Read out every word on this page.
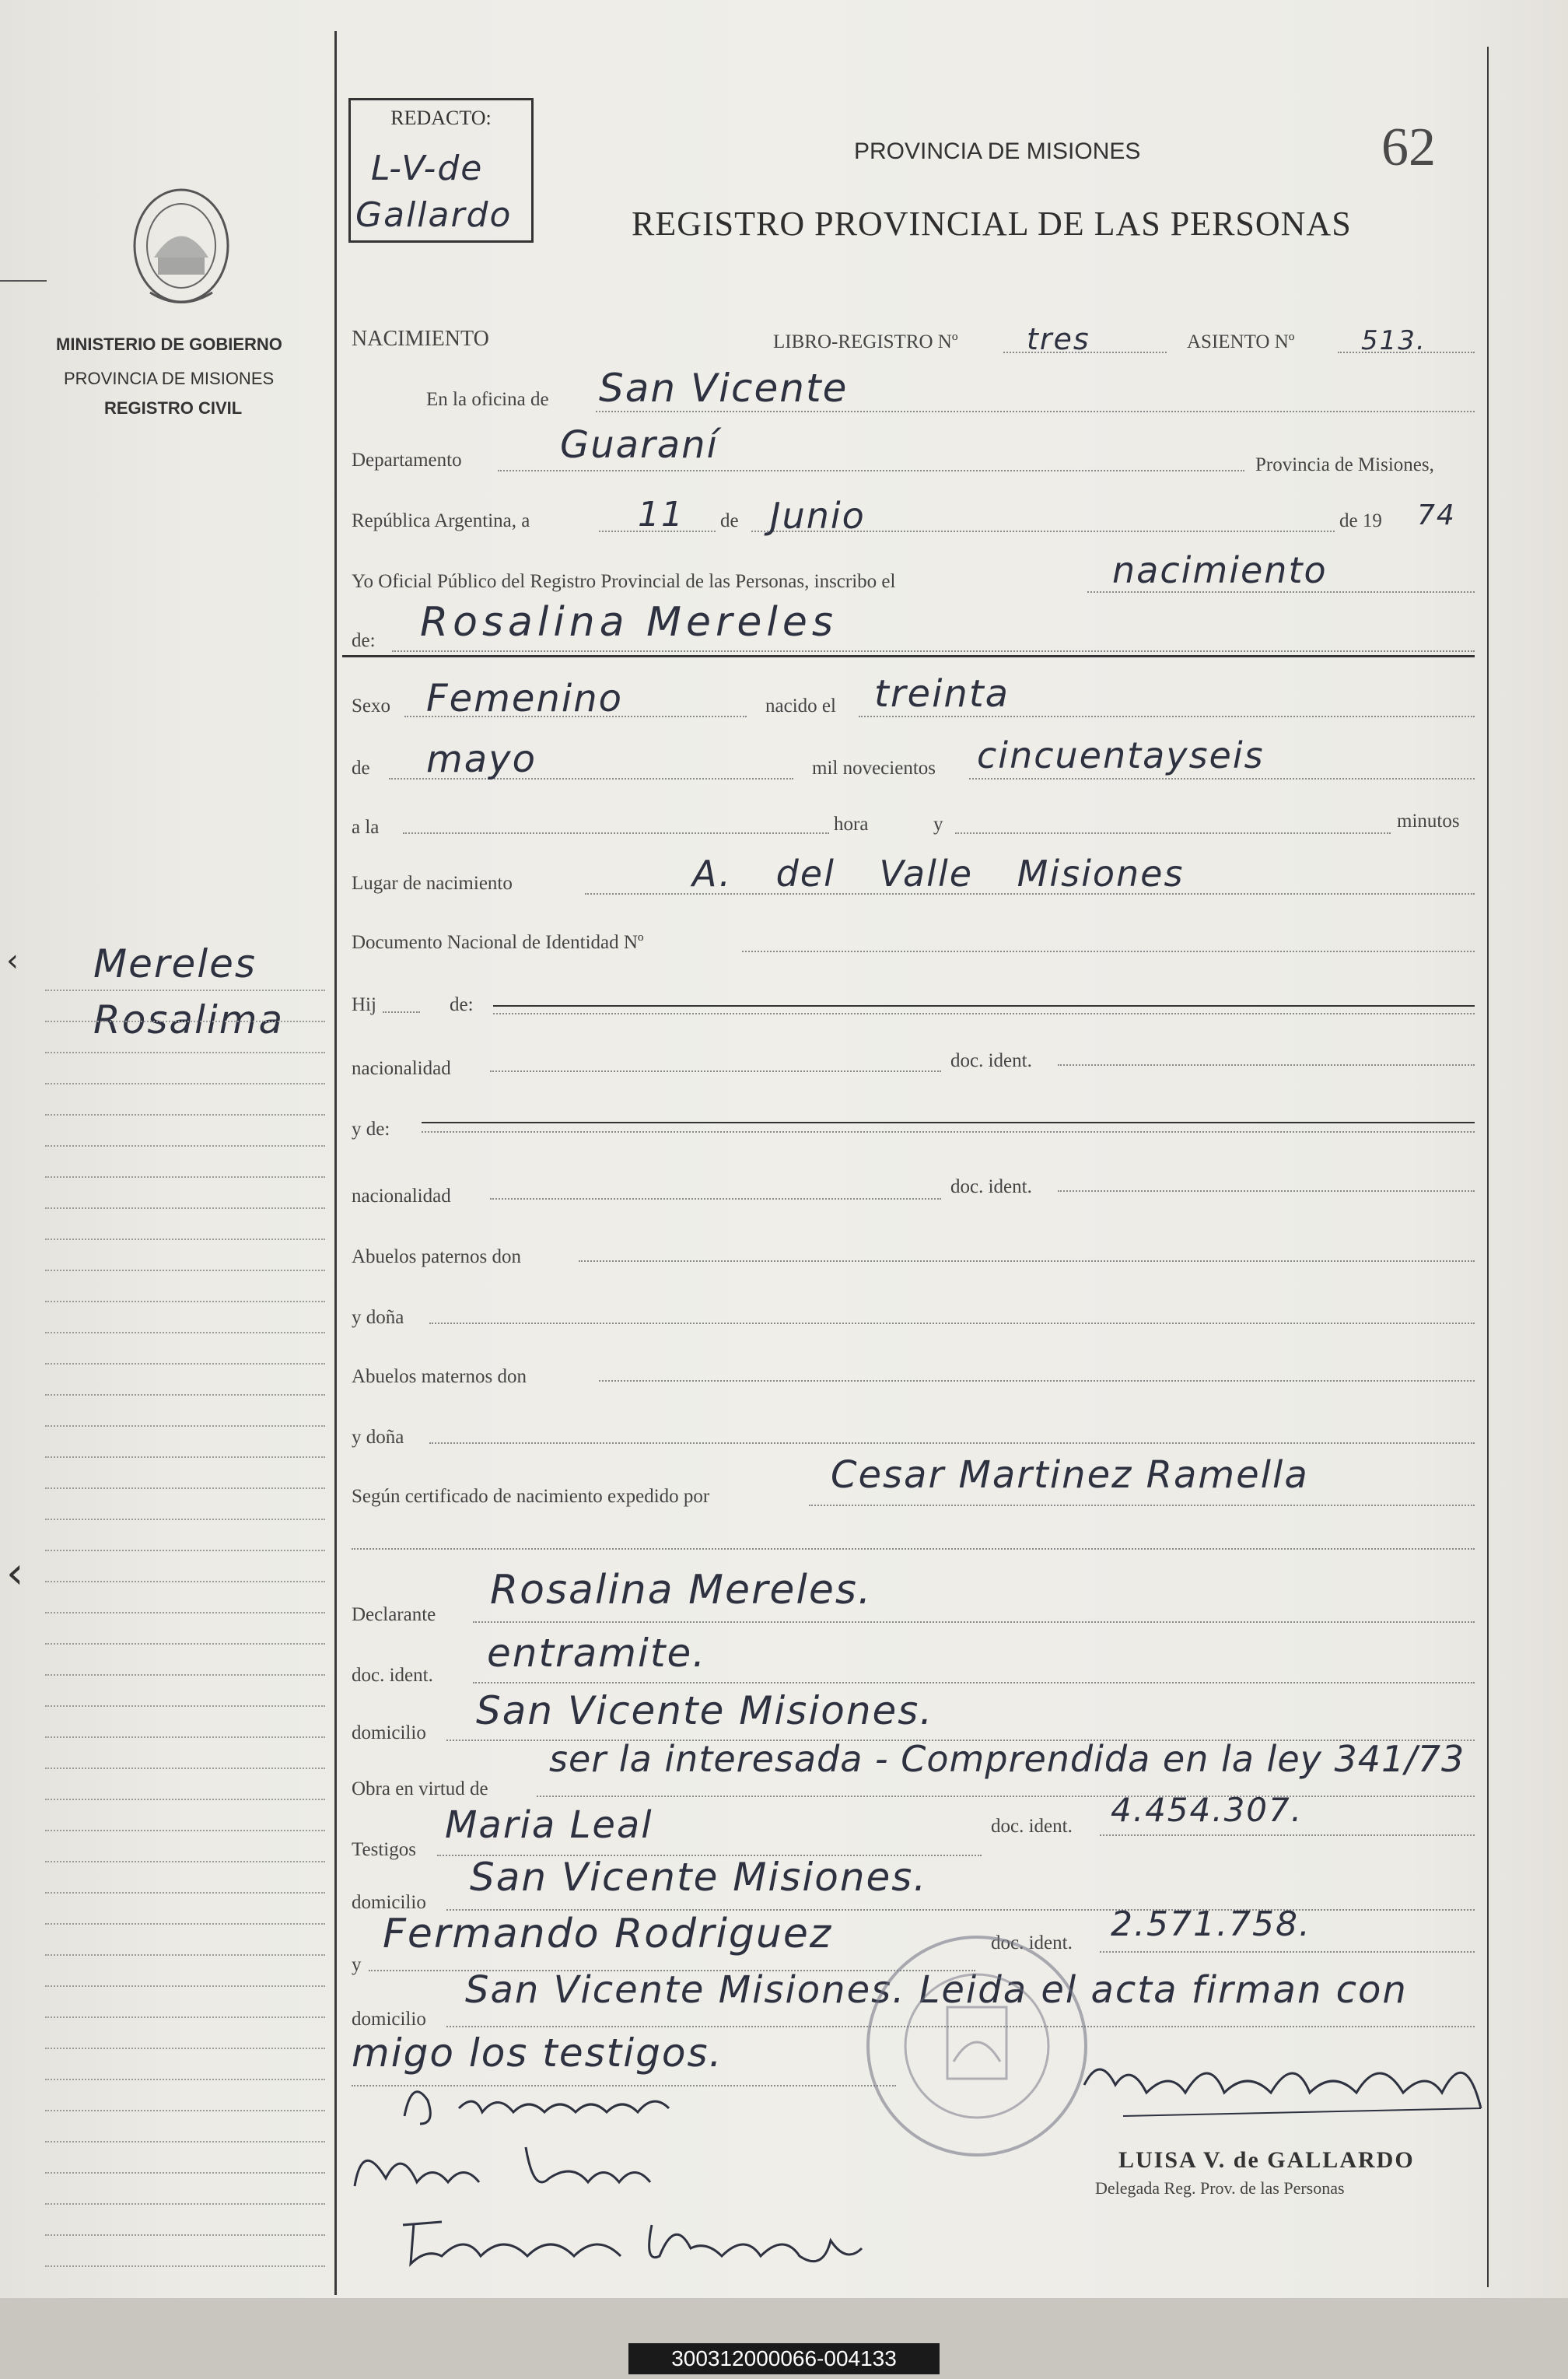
MINISTERIO DE GOBIERNO
PROVINCIA DE MISIONES
REGISTRO CIVIL
‹
‹
Mereles
Rosalima
REDACTO:
L-V-de
Gallardo
PROVINCIA DE MISIONES
REGISTRO PROVINCIAL DE LAS PERSONAS
62
NACIMIENTO	LIBRO-REGISTRO Nº tres	ASIENTO Nº	513.
En la oficina de San Vicente
Departamento	Guaraní	Provincia de Misiones,
República Argentina, a	11 de Junio	de 19 74
Yo Oficial Público del Registro Provincial de las Personas, inscribo el	nacimiento
de: Rosalina Mereles
Sexo Femenino	nacido el treinta
de mayo	mil novecientos cincuentayseis
a la	hora	y	minutos
Lugar de nacimiento	A. del Valle Misiones
Documento Nacional de Identidad Nº
Hij	de:
nacionalidad	doc. ident.
y de:
nacionalidad	doc. ident.
Abuelos paternos don
y doña
Abuelos maternos don
y doña
Según certificado de nacimiento expedido por	Cesar Martinez Ramella
Declarante
Rosalina Mereles.
doc. ident. entramite.
domicilio San Vicente Misiones.
Obra en virtud de
ser la interesada - Comprendida en la ley 341/73
Testigos
Maria Leal	doc. ident. 4.454.307.
domicilio
San Vicente Misiones.
y
Fermando Rodriguez	doc. ident. 2.571.758.
domicilio
San Vicente Misiones. Leida el acta firman con
migo los testigos.
LUISA V. de GALLARDO
Delegada Reg. Prov. de las Personas
300312000066-004133
